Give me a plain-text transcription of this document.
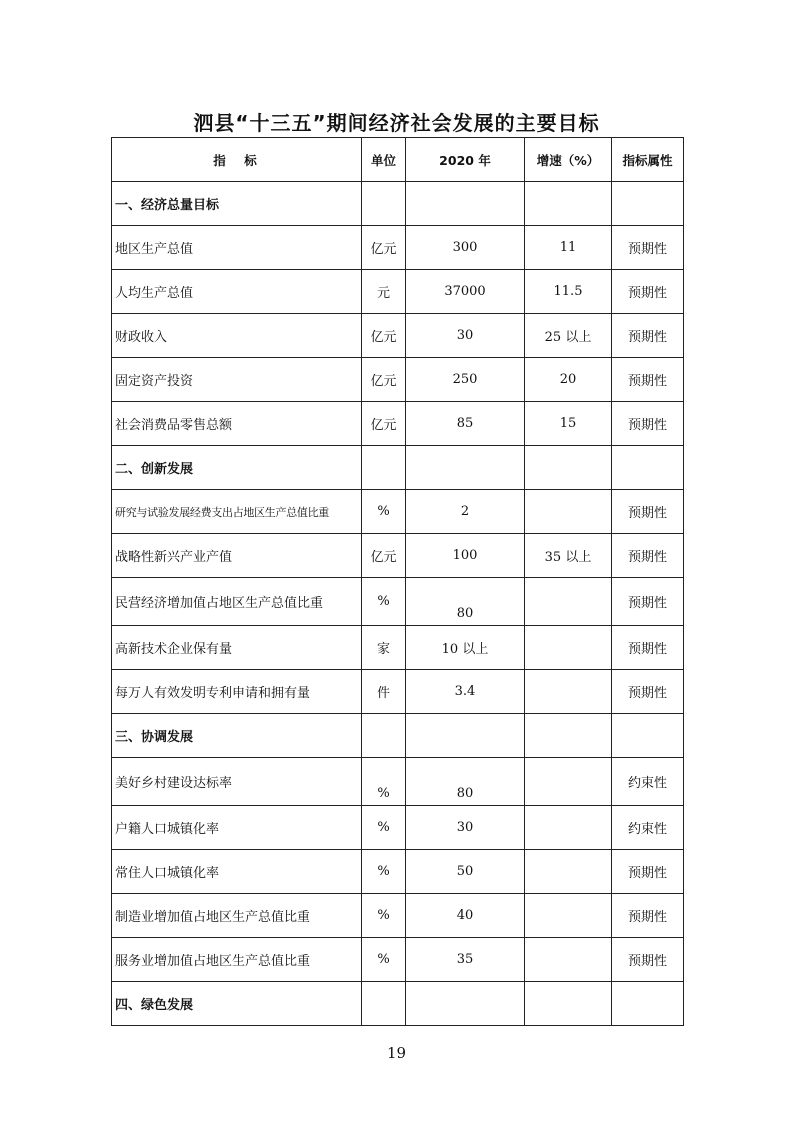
泗县“十三五”期间经济社会发展的主要目标
指　标	单位	2020 年	增速（%）	指标属性
一、经济总量目标				
地区生产总值	亿元	300	11	预期性
人均生产总值	元	37000	11.5	预期性
财政收入	亿元	30	25 以上	预期性
固定资产投资	亿元	250	20	预期性
社会消费品零售总额	亿元	85	15	预期性
二、创新发展				
研究与试验发展经费支出占地区生产总值比重	%	2		预期性
战略性新兴产业产值	亿元	100	35 以上	预期性
民营经济增加值占地区生产总值比重	%	80		预期性
高新技术企业保有量	家	10 以上		预期性
每万人有效发明专利申请和拥有量	件	3.4		预期性
三、协调发展				
美好乡村建设达标率	%	80		约束性
户籍人口城镇化率	%	30		约束性
常住人口城镇化率	%	50		预期性
制造业增加值占地区生产总值比重	%	40		预期性
服务业增加值占地区生产总值比重	%	35		预期性
四、绿色发展				
19
